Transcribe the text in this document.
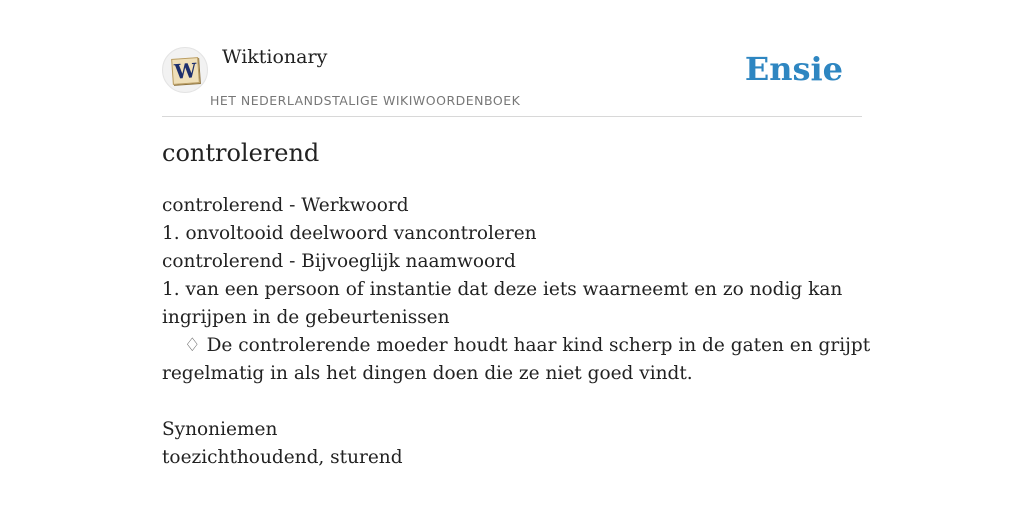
W
Wiktionary
HET NEDERLANDSTALIGE WIKIWOORDENBOEK
Ensie
controlerend
controlerend - Werkwoord
1. onvoltooid deelwoord vancontroleren
controlerend - Bijvoeglijk naamwoord
1. van een persoon of instantie dat deze iets waarneemt en zo nodig kan
ingrijpen in de gebeurtenissen
♢ De controlerende moeder houdt haar kind scherp in de gaten en grijpt
regelmatig in als het dingen doen die ze niet goed vindt.
Synoniemen
toezichthoudend, sturend
